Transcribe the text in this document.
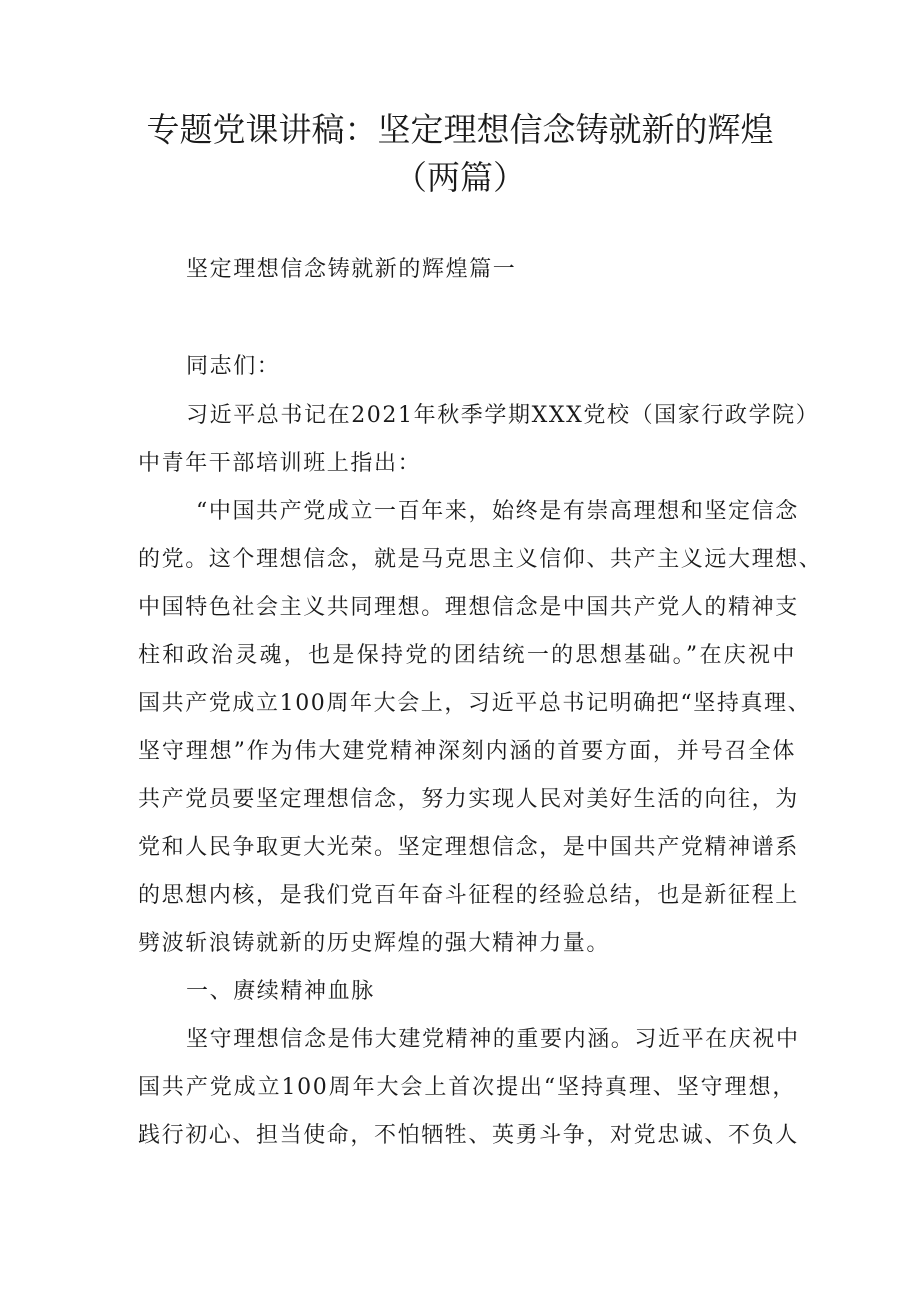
专题党课讲稿：坚定理想信念铸就新的辉煌
（两篇）
坚定理想信念铸就新的辉煌篇一
同志们：
习近平总书记在2021年秋季学期XXX党校（国家行政学院）
中青年干部培训班上指出：
“中国共产党成立一百年来，始终是有崇高理想和坚定信念
的党。这个理想信念，就是马克思主义信仰、共产主义远大理想、
中国特色社会主义共同理想。理想信念是中国共产党人的精神支
柱和政治灵魂，也是保持党的团结统一的思想基础。”在庆祝中
国共产党成立100周年大会上，习近平总书记明确把“坚持真理、
坚守理想”作为伟大建党精神深刻内涵的首要方面，并号召全体
共产党员要坚定理想信念，努力实现人民对美好生活的向往，为
党和人民争取更大光荣。坚定理想信念，是中国共产党精神谱系
的思想内核，是我们党百年奋斗征程的经验总结，也是新征程上
劈波斩浪铸就新的历史辉煌的强大精神力量。
一、赓续精神血脉
坚守理想信念是伟大建党精神的重要内涵。习近平在庆祝中
国共产党成立100周年大会上首次提出“坚持真理、坚守理想，
践行初心、担当使命，不怕牺牲、英勇斗争，对党忠诚、不负人
